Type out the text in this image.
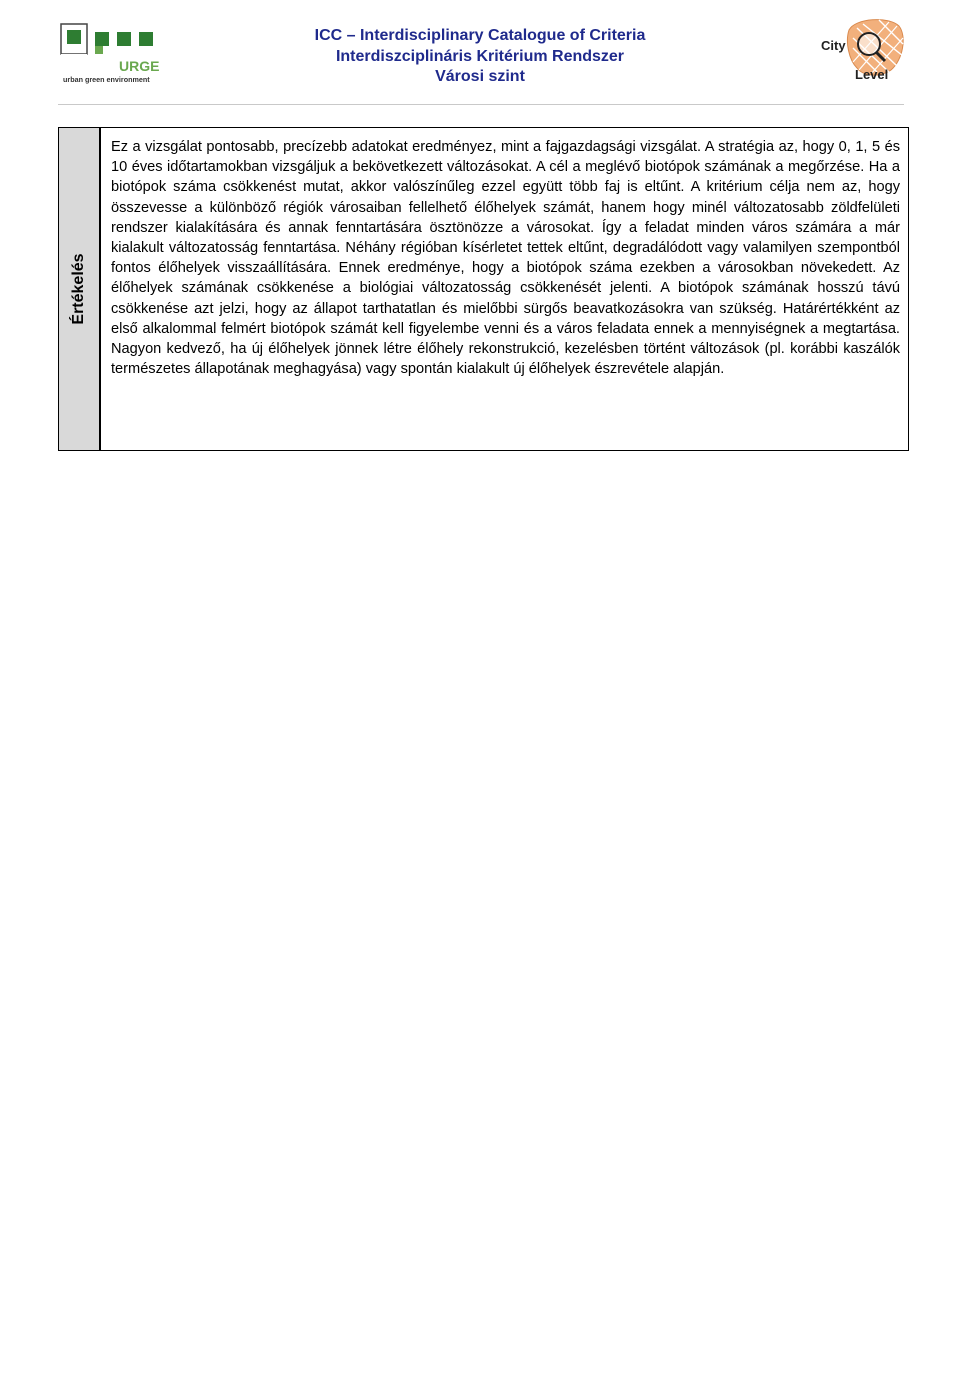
URGE
urban green environment
ICC – Interdisciplinary Catalogue of Criteria
Interdiszciplináris Kritérium Rendszer
Városi szint
City
Level
Értékelés
Ez a vizsgálat pontosabb, precízebb adatokat eredményez, mint a fajgazdagsági vizsgálat. A stratégia az, hogy 0, 1, 5 és 10 éves időtartamokban vizsgáljuk a bekövetkezett változásokat. A cél a meglévő biotópok számának a megőrzése. Ha a biotópok száma csökkenést mutat, akkor valószínűleg ezzel együtt több faj is eltűnt. A kritérium célja nem az, hogy összevesse a különböző régiók városaiban fellelhető élőhelyek számát, hanem hogy minél változatosabb zöldfelületi rendszer kialakítására és annak fenntartására ösztönözze a városokat. Így a feladat minden város számára a már kialakult változatosság fenntartása. Néhány régióban kísérletet tettek eltűnt, degradálódott vagy valamilyen szempontból fontos élőhelyek visszaállítására. Ennek eredménye, hogy a biotópok száma ezekben a városokban növekedett. Az élőhelyek számának csökkenése a biológiai változatosság csökkenését jelenti. A biotópok számának hosszú távú csökkenése azt jelzi, hogy az állapot tarthatatlan és mielőbbi sürgős beavatkozásokra van szükség. Határértékként az első alkalommal felmért biotópok számát kell figyelembe venni és a város feladata ennek a mennyiségnek a megtartása. Nagyon kedvező, ha új élőhelyek jönnek létre élőhely rekonstrukció, kezelésben történt változások (pl. korábbi kaszálók természetes állapotának meghagyása) vagy spontán kialakult új élőhelyek észrevétele alapján.
